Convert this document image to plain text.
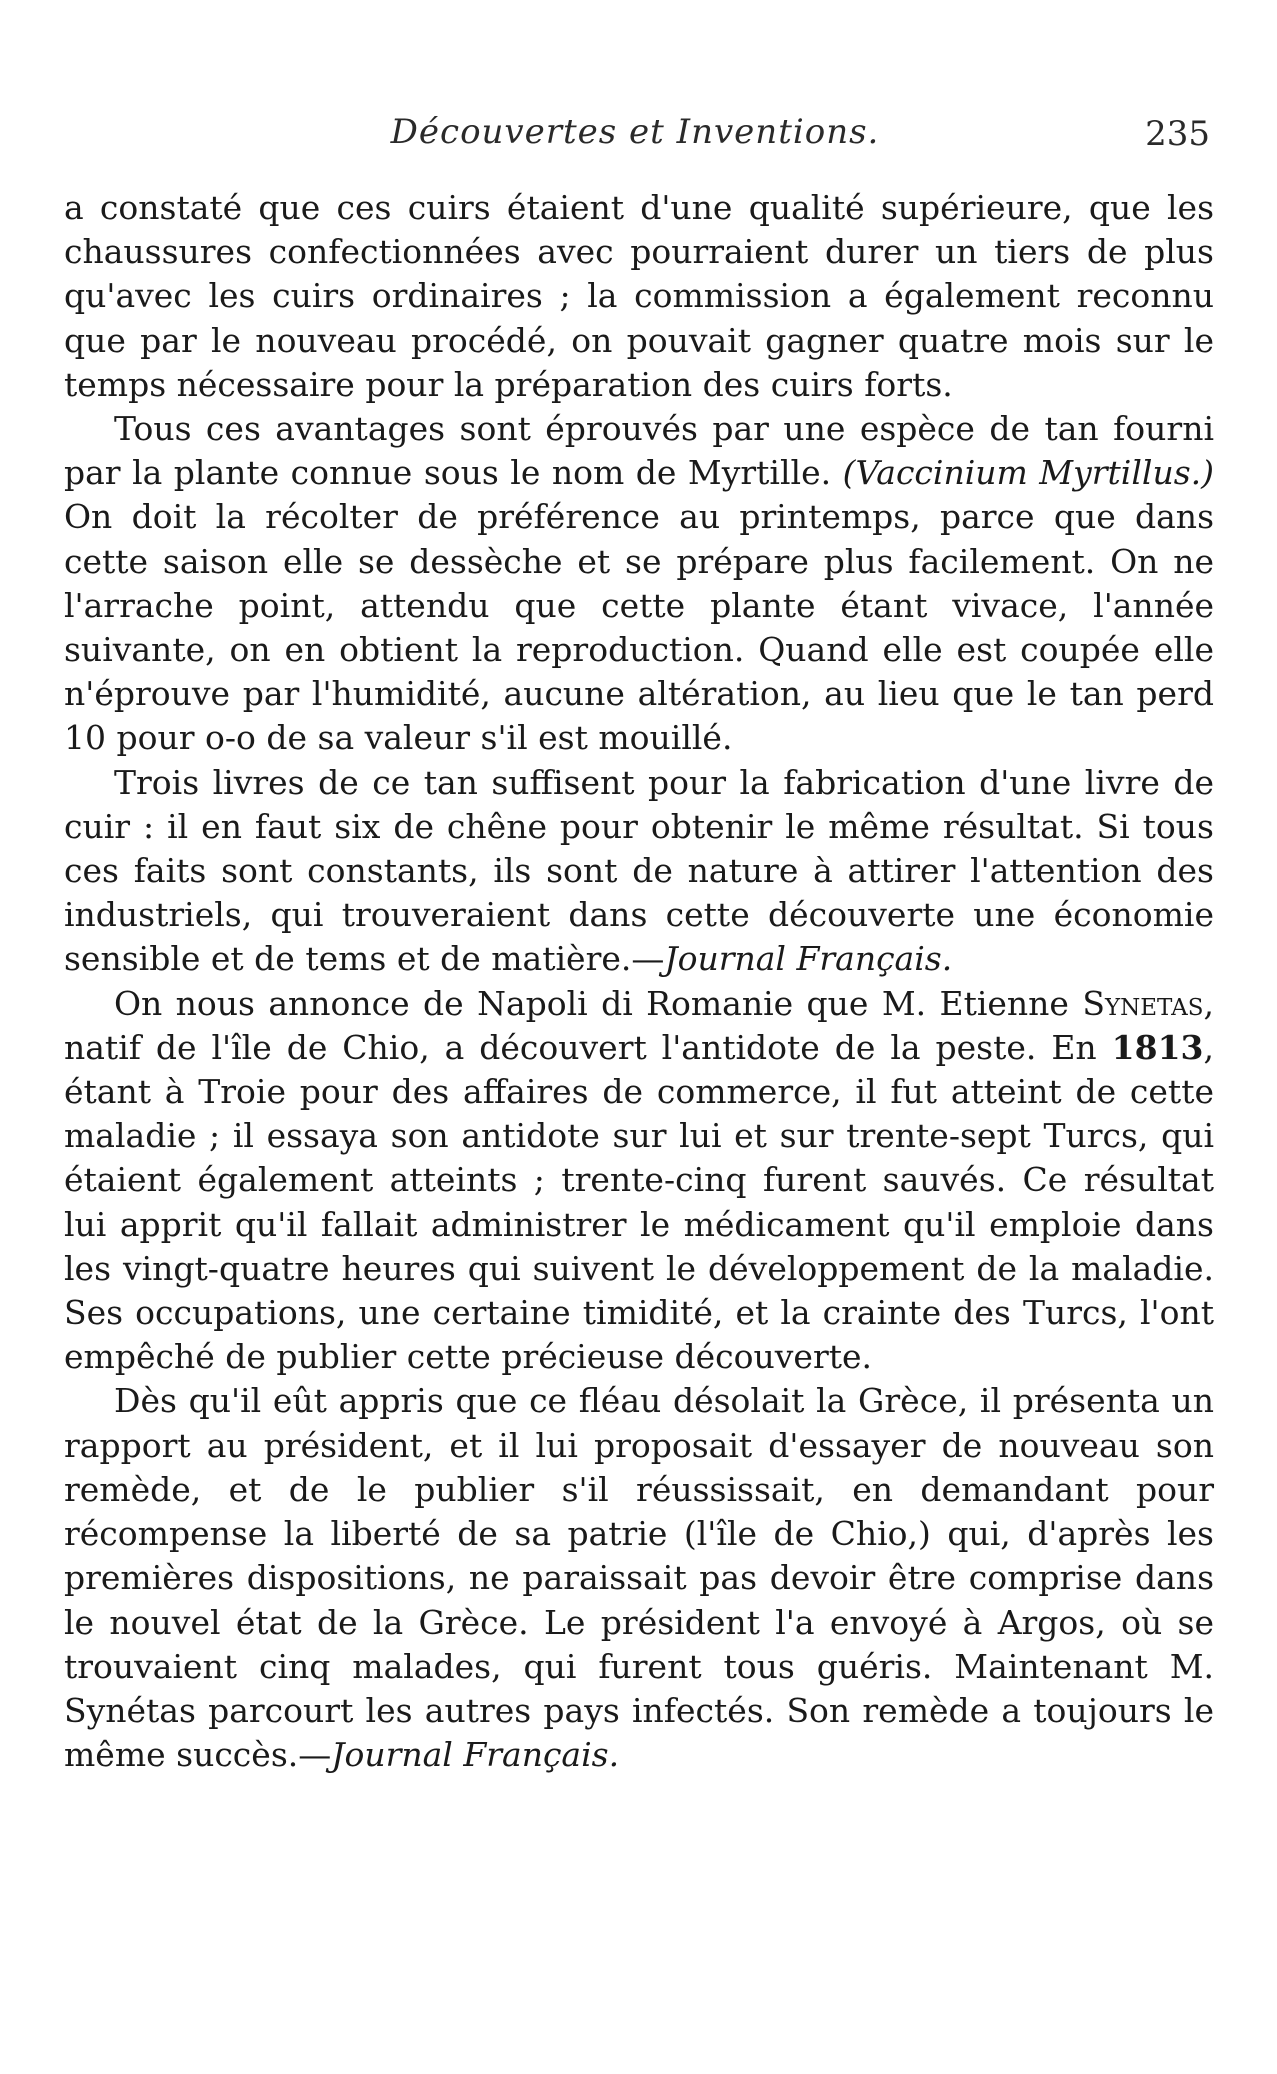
Découvertes et Inventions.	235

a constaté que ces cuirs étaient d'une qualité supérieure, que les chaussures confectionnées avec pourraient durer un tiers de plus qu'avec les cuirs ordinaires ; la commission a également reconnu que par le nouveau procédé, on pouvait gagner quatre mois sur le temps nécessaire pour la préparation des cuirs forts.

Tous ces avantages sont éprouvés par une espèce de tan fourni par la plante connue sous le nom de Myrtille. (Vaccinium Myrtillus.) On doit la récolter de préférence au printemps, parce que dans cette saison elle se dessèche et se prépare plus facilement. On ne l'arrache point, attendu que cette plante étant vivace, l'année suivante, on en obtient la reproduction. Quand elle est coupée elle n'éprouve par l'humidité, aucune altération, au lieu que le tan perd 10 pour o-o de sa valeur s'il est mouillé.

Trois livres de ce tan suffisent pour la fabrication d'une livre de cuir : il en faut six de chêne pour obtenir le même résultat. Si tous ces faits sont constants, ils sont de nature à attirer l'attention des industriels, qui trouveraient dans cette découverte une économie sensible et de tems et de matière.—Journal Français.

On nous annonce de Napoli di Romanie que M. Etienne Synetas, natif de l'île de Chio, a découvert l'antidote de la peste. En 1813, étant à Troie pour des affaires de commerce, il fut atteint de cette maladie ; il essaya son antidote sur lui et sur trente-sept Turcs, qui étaient également atteints ; trente-cinq furent sauvés. Ce résultat lui apprit qu'il fallait administrer le médicament qu'il emploie dans les vingt-quatre heures qui suivent le développement de la maladie. Ses occupations, une certaine timidité, et la crainte des Turcs, l'ont empêché de publier cette précieuse découverte.

Dès qu'il eût appris que ce fléau désolait la Grèce, il présenta un rapport au président, et il lui proposait d'essayer de nouveau son remède, et de le publier s'il réussissait, en demandant pour récompense la liberté de sa patrie (l'île de Chio,) qui, d'après les premières dispositions, ne paraissait pas devoir être comprise dans le nouvel état de la Grèce. Le président l'a envoyé à Argos, où se trouvaient cinq malades, qui furent tous guéris. Maintenant M. Synétas parcourt les autres pays infectés. Son remède a toujours le même succès.—Journal Français.
